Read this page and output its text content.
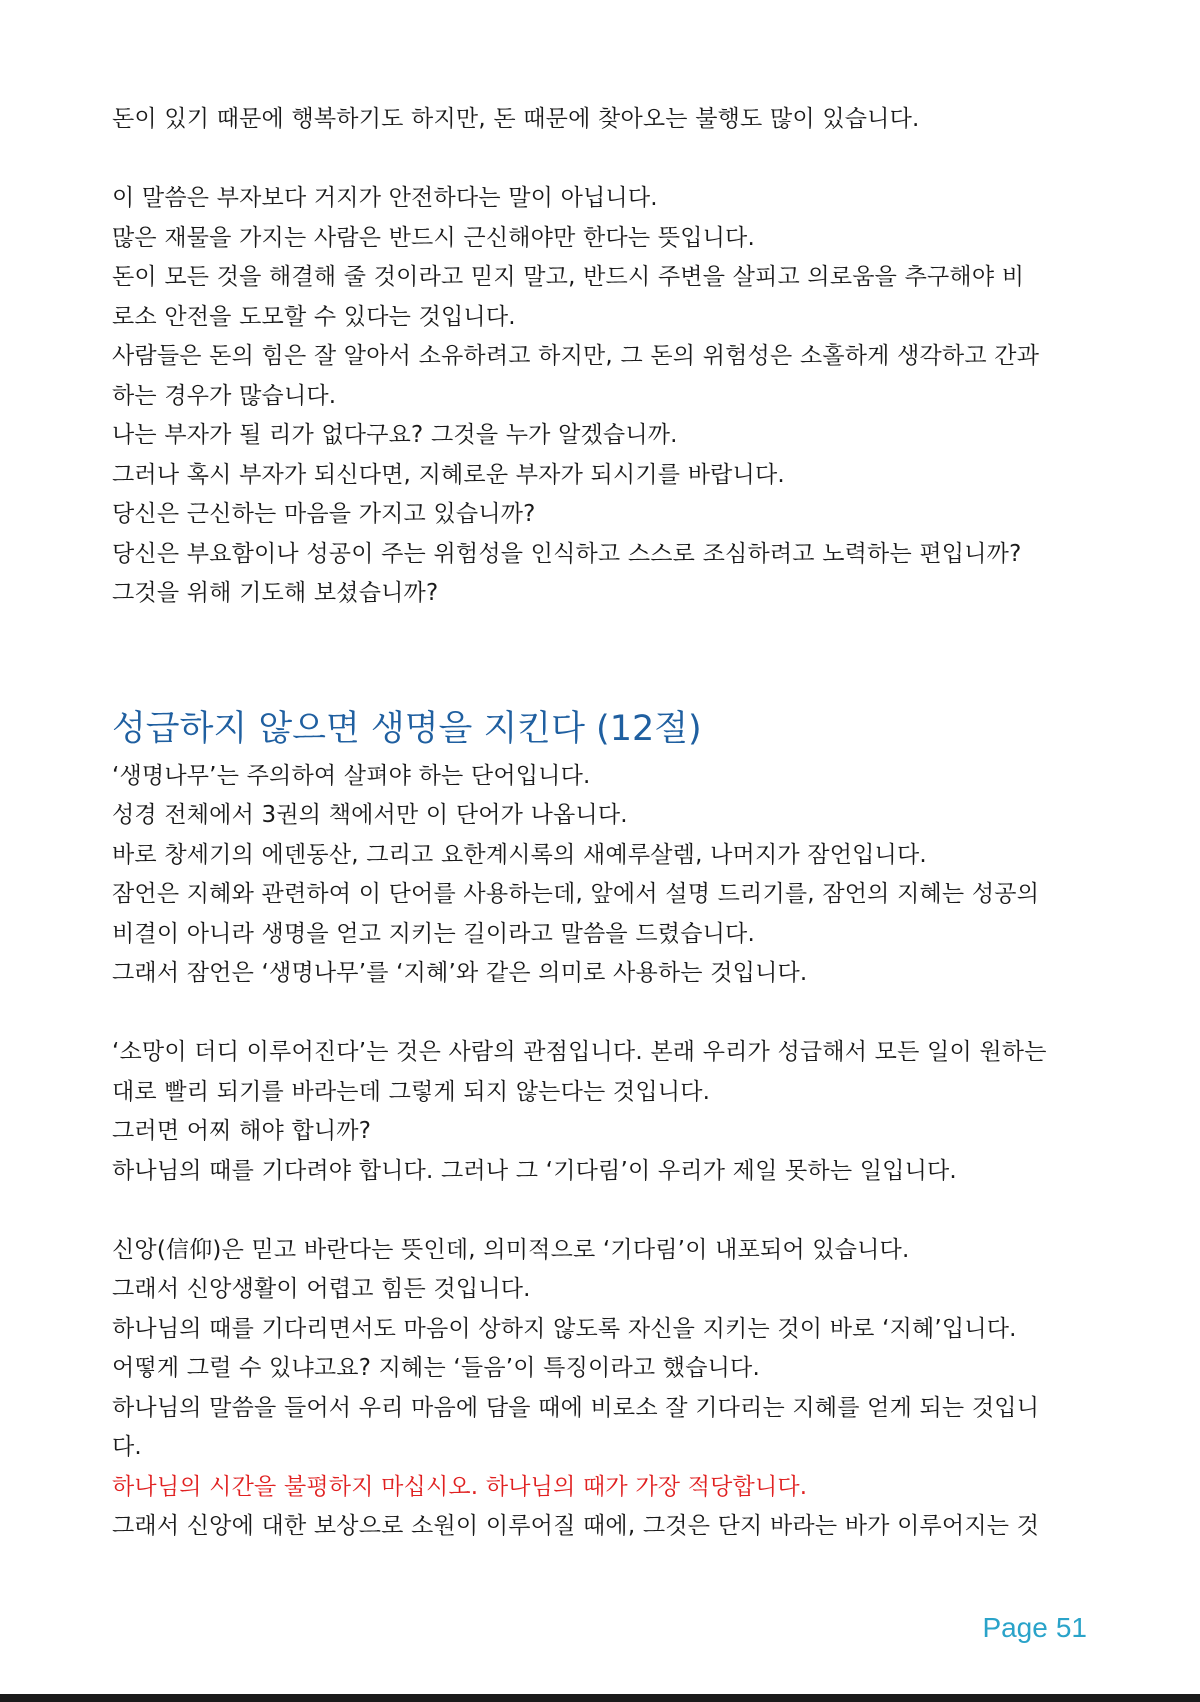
돈이 있기 때문에 행복하기도 하지만, 돈 때문에 찾아오는 불행도 많이 있습니다.
이 말씀은 부자보다 거지가 안전하다는 말이 아닙니다.
많은 재물을 가지는 사람은 반드시 근신해야만 한다는 뜻입니다.
돈이 모든 것을 해결해 줄 것이라고 믿지 말고, 반드시 주변을 살피고 의로움을 추구해야 비
로소 안전을 도모할 수 있다는 것입니다.
사람들은 돈의 힘은 잘 알아서 소유하려고 하지만, 그 돈의 위험성은 소홀하게 생각하고 간과
하는 경우가 많습니다.
나는 부자가 될 리가 없다구요? 그것을 누가 알겠습니까.
그러나 혹시 부자가 되신다면, 지혜로운 부자가 되시기를 바랍니다.
당신은 근신하는 마음을 가지고 있습니까?
당신은 부요함이나 성공이 주는 위험성을 인식하고 스스로 조심하려고 노력하는 편입니까?
그것을 위해 기도해 보셨습니까?
성급하지 않으면 생명을 지킨다 (12절)
‘생명나무’는 주의하여 살펴야 하는 단어입니다.
성경 전체에서 3권의 책에서만 이 단어가 나옵니다.
바로 창세기의 에덴동산, 그리고 요한계시록의 새예루살렘, 나머지가 잠언입니다.
잠언은 지혜와 관련하여 이 단어를 사용하는데, 앞에서 설명 드리기를, 잠언의 지혜는 성공의
비결이 아니라 생명을 얻고 지키는 길이라고 말씀을 드렸습니다.
그래서 잠언은 ‘생명나무’를 ‘지혜’와 같은 의미로 사용하는 것입니다.
‘소망이 더디 이루어진다’는 것은 사람의 관점입니다. 본래 우리가 성급해서 모든 일이 원하는
대로 빨리 되기를 바라는데 그렇게 되지 않는다는 것입니다.
그러면 어찌 해야 합니까?
하나님의 때를 기다려야 합니다. 그러나 그 ‘기다림’이 우리가 제일 못하는 일입니다.
신앙(信仰)은 믿고 바란다는 뜻인데, 의미적으로 ‘기다림’이 내포되어 있습니다.
그래서 신앙생활이 어렵고 힘든 것입니다.
하나님의 때를 기다리면서도 마음이 상하지 않도록 자신을 지키는 것이 바로 ‘지혜’입니다.
어떻게 그럴 수 있냐고요? 지혜는 ‘들음’이 특징이라고 했습니다.
하나님의 말씀을 들어서 우리 마음에 담을 때에 비로소 잘 기다리는 지혜를 얻게 되는 것입니
다.
하나님의 시간을 불평하지 마십시오. 하나님의 때가 가장 적당합니다.
그래서 신앙에 대한 보상으로 소원이 이루어질 때에, 그것은 단지 바라는 바가 이루어지는 것
Page 51
